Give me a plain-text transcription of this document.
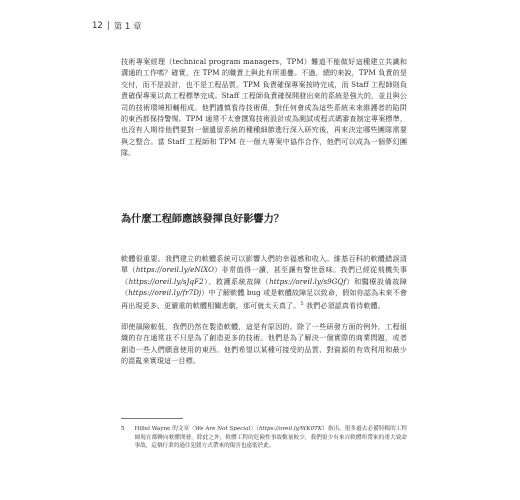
12 | 第 1 章

技術專案經理（technical program managers，TPM）難道不能做好這種建立共識和溝通的工作嗎？確實，在 TPM 的職責上與此有所重疊。不過，總的來說，TPM 負責的是交付，而不是設計，也不是工程品質。TPM 負責確保專案按時完成，而 Staff 工程師則負責確保專案以高工程標準完成。Staff 工程師負責確保開發出來的系統是強大的，並且與公司的技術環境相輔相成。他們謹慎看待技術債，對任何會成為這些系統未來維護者的陷阱的東西都保持警惕。TPM 通常不太會撰寫技術設計或為測試或程式碼審查制定專案標準，也沒有人期待他們要對一個遺留系統的種種細節進行深入研究後，再來決定哪些團隊需要與之整合。當 Staff 工程師和 TPM 在一個大專案中協作合作，他們可以成為一個夢幻團隊。

為什麼工程師應該發揮良好影響力？

軟體很重要。我們建立的軟體系統可以影響人們的幸福感和收入。維基百科的軟體錯誤清單（https://oreil.ly/eNlXO）非常值得一讀，甚至讓有警世意味。我們已經從飛機失事（https://oreil.ly/sJqF2）、救護系統故障（https://oreil.ly/s9GQf）和醫療設備故障（https://oreil.ly/fr7Dj）中了解軟體 bug 或是軟體故障足以致命，假如你認為未來不會再出現更多、更嚴重的軟體相關悲劇，那可就太天真了。$^5$ 我們必須認真看待軟體。

即使風險較低，我們仍然在製造軟體，這是有原因的。除了一些研發方面的例外，工程組織的存在通常並不只是為了創造更多的技術。他們是為了解決一個實際的商業問題，或者創造一些人們願意使用的東西。他們希望以某種可接受的品質、對資源的有效利用和最少的混亂來實現這一目標。

5 Hillel Wayne 的文章〈We Are Not Special〉（https://oreil.ly/WK0TK）指出，很多過去必備特輯的工程師現在都轉向軟體開發。除此之外，軟體工程的危險性事故數量較少，我們很少有來自軟體所帶來的重大致命事故，這個行業的過往犯錯方式帶來的傷害也遠低於此。
